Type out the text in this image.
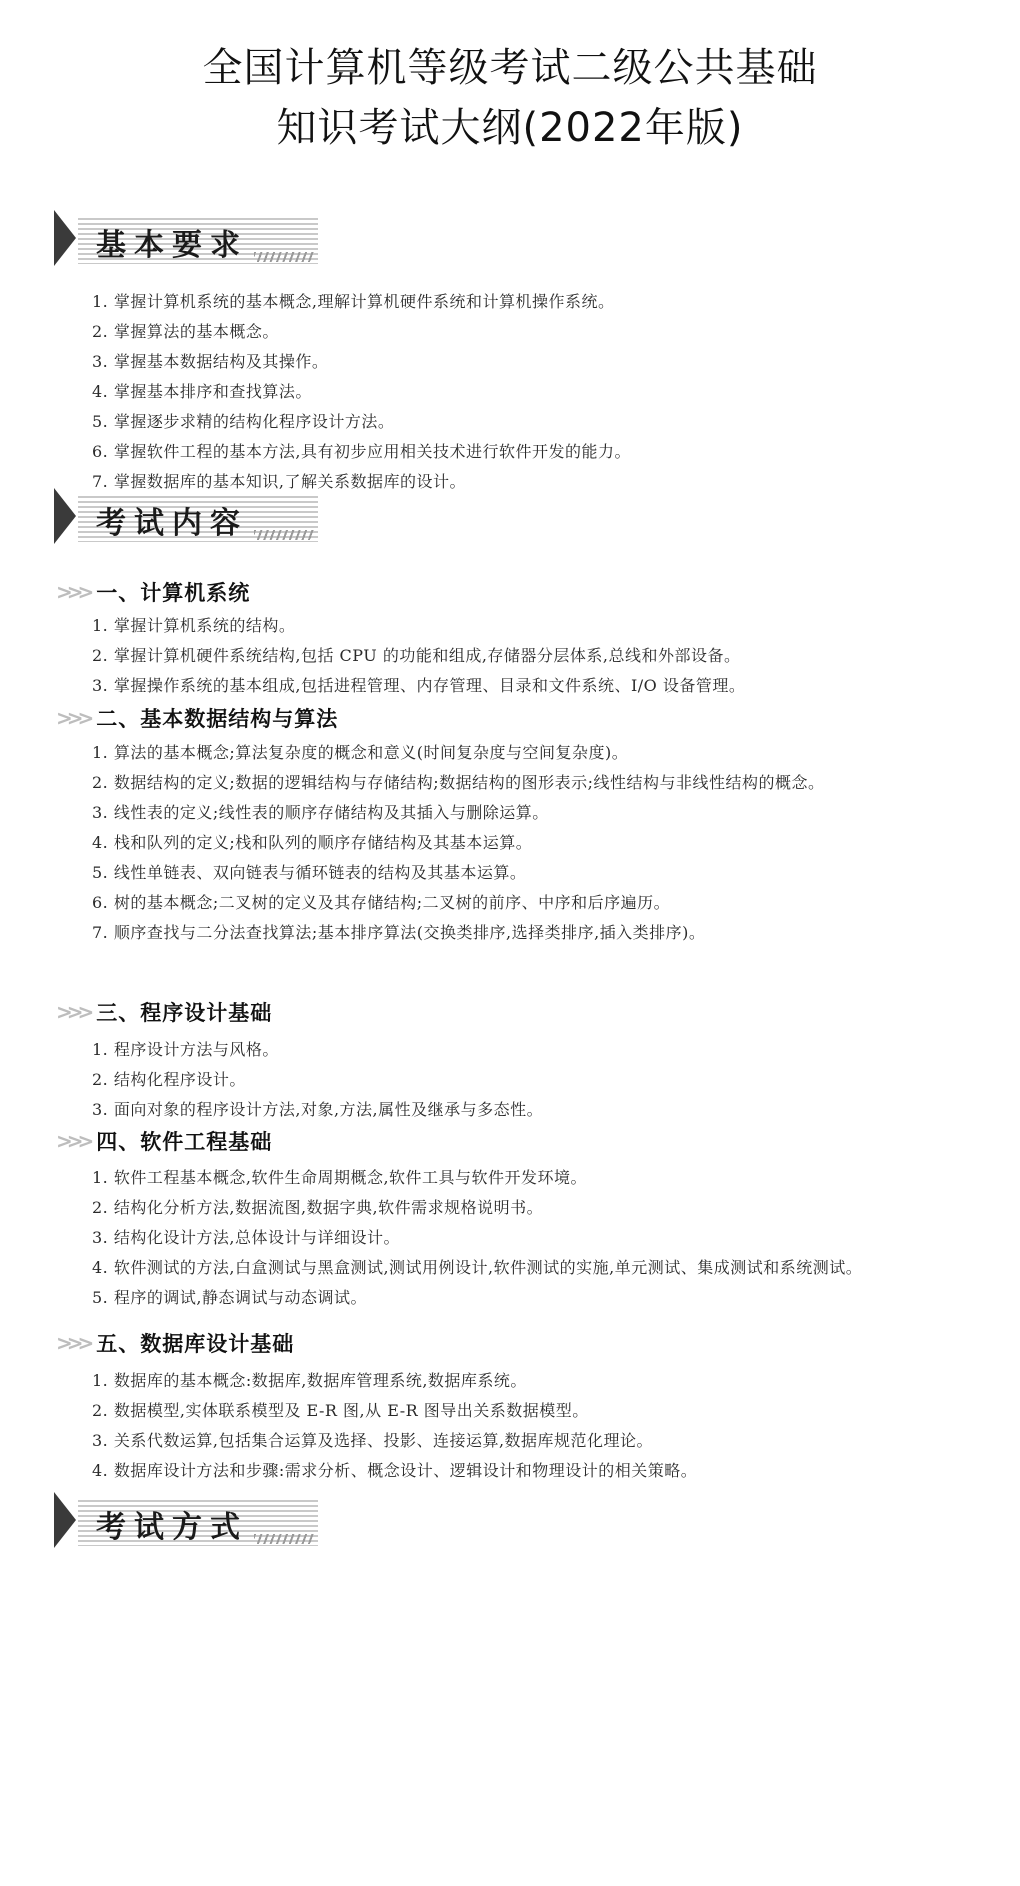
全国计算机等级考试二级公共基础
知识考试大纲(2022年版)
基本要求
1. 掌握计算机系统的基本概念,理解计算机硬件系统和计算机操作系统。
2. 掌握算法的基本概念。
3. 掌握基本数据结构及其操作。
4. 掌握基本排序和查找算法。
5. 掌握逐步求精的结构化程序设计方法。
6. 掌握软件工程的基本方法,具有初步应用相关技术进行软件开发的能力。
7. 掌握数据库的基本知识,了解关系数据库的设计。
考试内容
>>> 一、计算机系统
1. 掌握计算机系统的结构。
2. 掌握计算机硬件系统结构,包括 CPU 的功能和组成,存储器分层体系,总线和外部设备。
3. 掌握操作系统的基本组成,包括进程管理、内存管理、目录和文件系统、I/O 设备管理。
>>> 二、基本数据结构与算法
1. 算法的基本概念;算法复杂度的概念和意义(时间复杂度与空间复杂度)。
2. 数据结构的定义;数据的逻辑结构与存储结构;数据结构的图形表示;线性结构与非线性结构的概念。
3. 线性表的定义;线性表的顺序存储结构及其插入与删除运算。
4. 栈和队列的定义;栈和队列的顺序存储结构及其基本运算。
5. 线性单链表、双向链表与循环链表的结构及其基本运算。
6. 树的基本概念;二叉树的定义及其存储结构;二叉树的前序、中序和后序遍历。
7. 顺序查找与二分法查找算法;基本排序算法(交换类排序,选择类排序,插入类排序)。
>>> 三、程序设计基础
1. 程序设计方法与风格。
2. 结构化程序设计。
3. 面向对象的程序设计方法,对象,方法,属性及继承与多态性。
>>> 四、软件工程基础
1. 软件工程基本概念,软件生命周期概念,软件工具与软件开发环境。
2. 结构化分析方法,数据流图,数据字典,软件需求规格说明书。
3. 结构化设计方法,总体设计与详细设计。
4. 软件测试的方法,白盒测试与黑盒测试,测试用例设计,软件测试的实施,单元测试、集成测试和系统测试。
5. 程序的调试,静态调试与动态调试。
>>> 五、数据库设计基础
1. 数据库的基本概念:数据库,数据库管理系统,数据库系统。
2. 数据模型,实体联系模型及 E-R 图,从 E-R 图导出关系数据模型。
3. 关系代数运算,包括集合运算及选择、投影、连接运算,数据库规范化理论。
4. 数据库设计方法和步骤:需求分析、概念设计、逻辑设计和物理设计的相关策略。
考试方式
